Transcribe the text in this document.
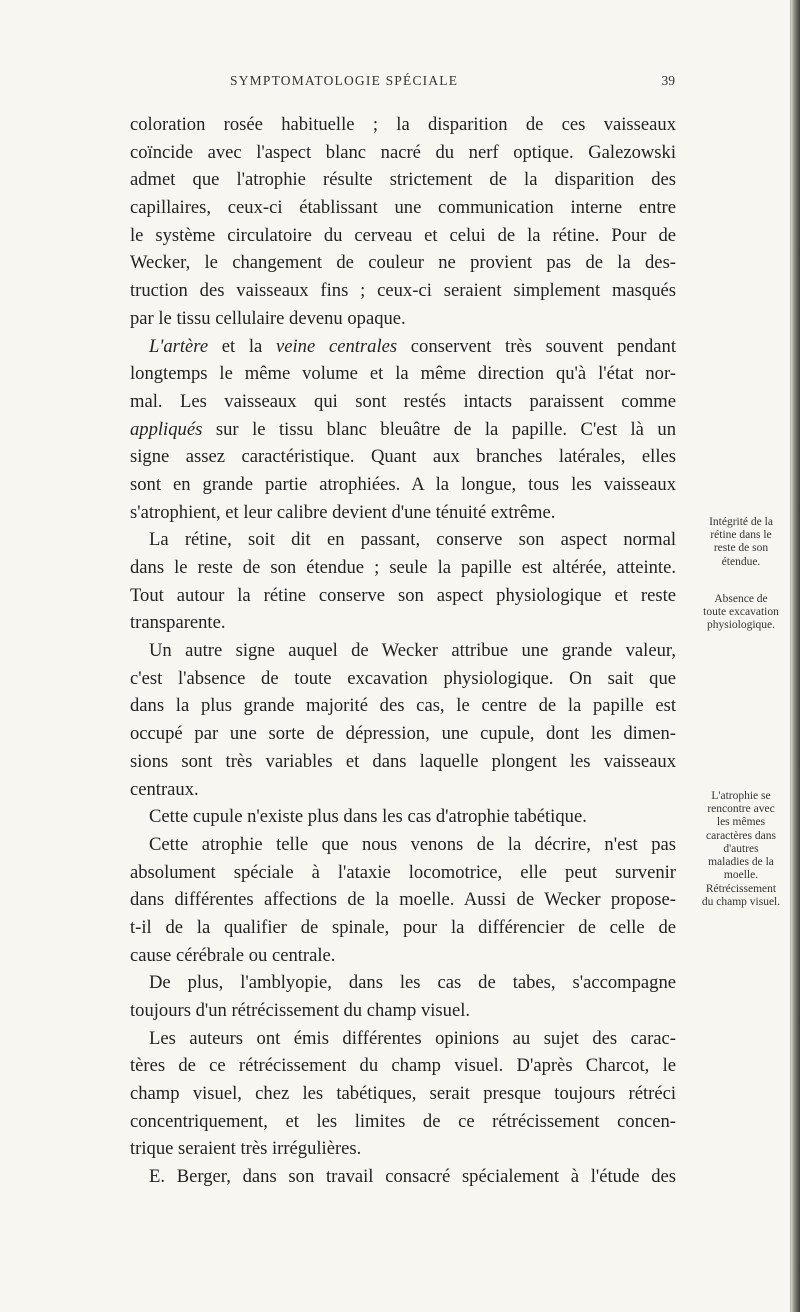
SYMPTOMATOLOGIE SPÉCIALE	39
coloration rosée habituelle ; la disparition de ces vaisseaux
coïncide avec l'aspect blanc nacré du nerf optique. Galezowski
admet que l'atrophie résulte strictement de la disparition des
capillaires, ceux-ci établissant une communication interne entre
le système circulatoire du cerveau et celui de la rétine. Pour de
Wecker, le changement de couleur ne provient pas de la des-
truction des vaisseaux fins ; ceux-ci seraient simplement masqués
par le tissu cellulaire devenu opaque.
L'artère et la veine centrales conservent très souvent pendant
longtemps le même volume et la même direction qu'à l'état nor-
mal. Les vaisseaux qui sont restés intacts paraissent comme
appliqués sur le tissu blanc bleuâtre de la papille. C'est là un
signe assez caractéristique. Quant aux branches latérales, elles
sont en grande partie atrophiées. A la longue, tous les vaisseaux
s'atrophient, et leur calibre devient d'une ténuité extrême.
La rétine, soit dit en passant, conserve son aspect normal
dans le reste de son étendue ; seule la papille est altérée, atteinte.
Tout autour la rétine conserve son aspect physiologique et reste
transparente.
Un autre signe auquel de Wecker attribue une grande valeur,
c'est l'absence de toute excavation physiologique. On sait que
dans la plus grande majorité des cas, le centre de la papille est
occupé par une sorte de dépression, une cupule, dont les dimen-
sions sont très variables et dans laquelle plongent les vaisseaux
centraux.
Cette cupule n'existe plus dans les cas d'atrophie tabétique.
Cette atrophie telle que nous venons de la décrire, n'est pas
absolument spéciale à l'ataxie locomotrice, elle peut survenir
dans différentes affections de la moelle. Aussi de Wecker propose-
t-il de la qualifier de spinale, pour la différencier de celle de
cause cérébrale ou centrale.
De plus, l'amblyopie, dans les cas de tabes, s'accompagne
toujours d'un rétrécissement du champ visuel.
Les auteurs ont émis différentes opinions au sujet des carac-
tères de ce rétrécissement du champ visuel. D'après Charcot, le
champ visuel, chez les tabétiques, serait presque toujours rétréci
concentriquement, et les limites de ce rétrécissement concen-
trique seraient très irrégulières.
E. Berger, dans son travail consacré spécialement à l'étude des
Intégrité de la
rétine dans le
reste de son
étendue.
Absence de
toute excavation
physiologique.
L'atrophie se
rencontre avec
les mêmes
caractères dans
d'autres
maladies de la
moelle.
Rétrécissement
du champ visuel.
